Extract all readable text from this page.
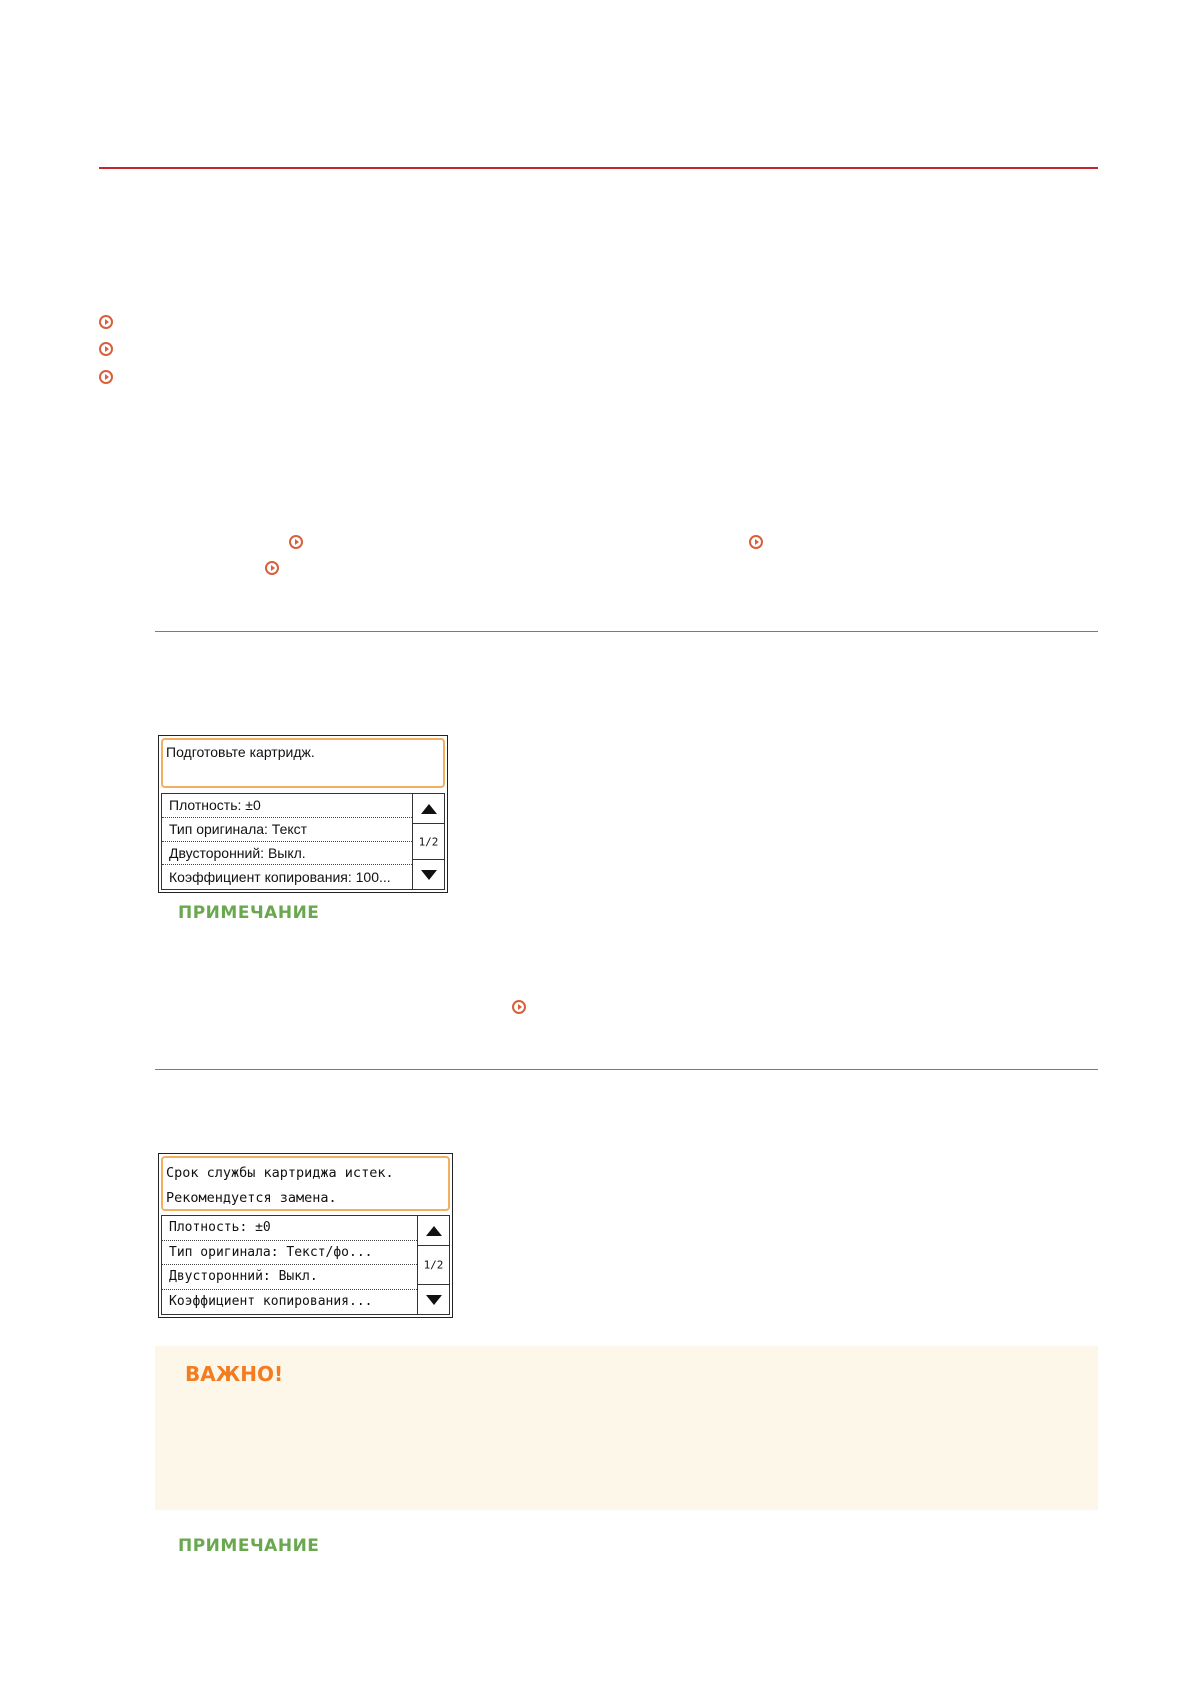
Подготовьте картридж.
Плотность: ±0
Тип оригинала: Текст
Двусторонний: Выкл.
Коэффициент копирования: 100...
1/2
ПРИМЕЧАНИЕ
Срок службы картриджа истек.
Рекомендуется замена.
Плотность: ±0
Тип оригинала: Текст/фо...
Двусторонний: Выкл.
Коэффициент копирования...
1/2
ВАЖНО!
ПРИМЕЧАНИЕ
